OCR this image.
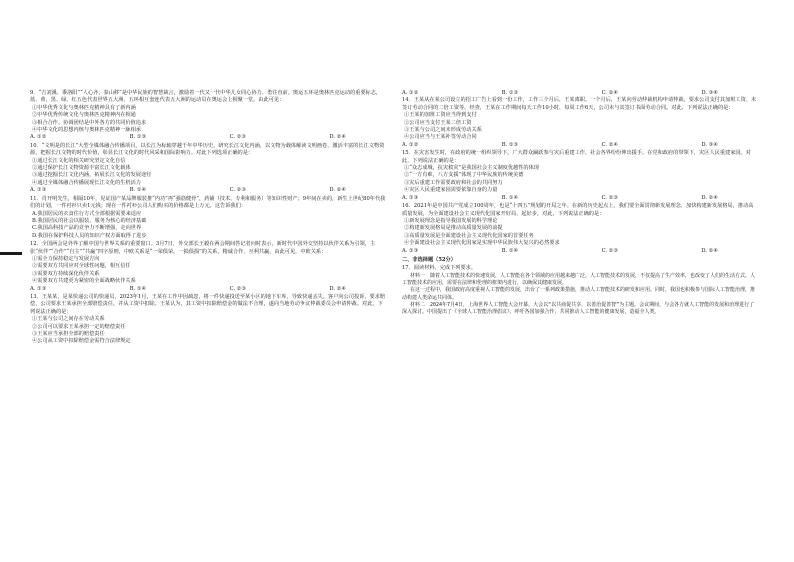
9．“吉刘溪、黍洛阳”“人心齐，泰山移”是中华民族的智慧箴言，激励着一代又一代中华儿女同心协力、勇往直前。奥运五环是奥林匹克运动的重要标志，蓝、黄、黑、绿、红五色代表世界五大洲，五环相互套连代表五大洲的运动员在奥运会上相聚一堂。由此可见：
①中华优秀文化与奥林匹克精神具有了新内涵
②中华优秀传统文化与奥林匹克精神内在相通
③相合合作、协调团结是中外各方的共同价值追求
④中华文化的思想内核与奥林匹克精神一脉相承
A. ①②	B. ①③	C. ②③	D. ②④
10．“文明是的长江”大型全媒体融合传播项目，以长江为标轴穿越千年中华历史，研究长江文化内涵，以文物为载体解读文明画卷，激活丰富的长江文物资源，把握长江文物的时代价值，彰显长江文化的时代风采和国际影响力。对此下列选项正确的是：
①通过长江文化的相关研究坚定文化自信
②通过保护长江文物资源丰富长江文化载体
③通过挖掘长江文化内涵，拓展长江文化的发展途径
④通过全媒体融合传播展现长江文化的生机活力
A. ①③	B. ①④	C. ②③	D. ②④
11．肖开明先生，相隔10年，见证国产某品牌服装推“内功”再“强筋健骨”，药铺（技术、专利和服务）等知识性财产；9年间在卖的，新生上世纪80年代我们的计划，一件衬衫只卖1元钱；现在一件衬衫公司人们购买的价格都是上万元。这告诉我们：
A.我国居民的衣食住行方式全部根据需要来适应
B.我国居民的社会以服装、服务为核心的经济基础
C.我国高科技产品的竞争力不断增强，走向世界
D.我国在保护科技人员的知识产权方面取得了进步
12．全国两会是外界了解中国与世界关系的重要窗口。3月7日，外交部长王毅在两会期间答记者问时表示，新时代中国外交坚持以伙伴关系为引领，主张“伙伴”“合作”“自主”“共赢”四字原则，中欧关系是“一荣俱荣，一损俱损”的关系，精诚合作，互利共赢。由此可见，中欧关系：
①需全力保持稳定与发展方向
②需要双方共同应对全球性问题，相互信任
③需要双方持续深化伙伴关系
④需要双方共建更为紧密的全面战略伙伴关系
A. ①③	B. ①④	C. ②③	D. ②④
13．王某某，是某快递公司的快递员，2023年1月，王某在工作中因疏忽，将一件快递投送至某小区的地下车库，导致快递丢失。客户向公司投诉，要求赔偿，公司要求王某承担全部赔偿责任，并从工资中扣除。王某认为，其工资中扣除赔偿金的做法不合理，遂向当地劳动争议仲裁委员会申请仲裁。对此，下列说法正确的是：
①王某与公司之间存在劳动关系
②公司可以要求王某承担一定的赔偿责任
③王某应当承担全部的赔偿责任
④公司从工资中扣除赔偿金需符合法律规定
A. ①②	B. ①③	C. ②④	D. ③④
14．王某从在某公司设立的招工广告上看到一份工作，工作三个月后，王某离职。一个月后，王某向劳动仲裁机构申请仲裁，要求公司支付其加班工资、未签订劳动合同的二倍工资等。经查，王某在工作期间每天工作10小时，每周工作6天，公司未与其签订书面劳动合同。对此，下列说法正确的是：
①王某的加班工资应当得到支付
②公司应当支付王某二倍工资
③王某与公司之间未形成劳动关系
④公司应当与王某补签劳动合同
A. ①②	B. ①③	C. ②④	D. ③④
15．在灾害发生时，在政府的统一组织领导下，广大群众踊跃参与灾后重建工作，社会各界纷纷伸出援手。在党和政府的带领下，灾区人民重建家园。对此，下列说法正确的是：
①“众志成城，抗灾救灾”是我国社会主义制度优越性的体现
②“一方有难，八方支援”体现了中华民族的传统美德
③灾后重建工作需要政府和社会的共同努力
④灾区人民重建家园需要依靠自身的力量
A. ①③	B. ①④	C. ②③	D. ②④
16．2021年是中国共产党成立100周年，也是“十四五”规划的开局之年。在新的历史起点上，我们要全面贯彻新发展理念，加快构建新发展格局，推动高质量发展，为全面建设社会主义现代化国家开好局、起好步。对此，下列说法正确的是：
①新发展理念是指导我国发展的科学理论
②构建新发展格局是推动高质量发展的前提
③高质量发展是全面建设社会主义现代化国家的首要任务
④全面建设社会主义现代化国家是实现中华民族伟大复兴的必然要求
A. ①③	B. ①④	C. ②③	D. ②④
二、非选择题（52分）
17．阅读材料，完成下列要求。
材料一　随着人工智能技术的快速发展，人工智能在各个领域的应用越来越广泛。人工智能技术的发展，不仅提高了生产效率，也改变了人们的生活方式。人工智能技术的应用，需要在法律和伦理的框架内进行，以确保其健康发展。
在这一过程中，我国政府高度重视人工智能的发展，出台了一系列政策措施，推动人工智能技术的研发和应用。同时，我国也积极参与国际人工智能治理，推动构建人类命运共同体。
材料二　2024年7月4日，上海世界人工智能大会开幕，大会以“以共商促共享，以善治促善智”为主题。会议期间，与会各方就人工智能的发展和治理进行了深入探讨。中国提出了《全球人工智能治理倡议》，呼吁各国加强合作，共同推动人工智能的健康发展，造福全人类。
